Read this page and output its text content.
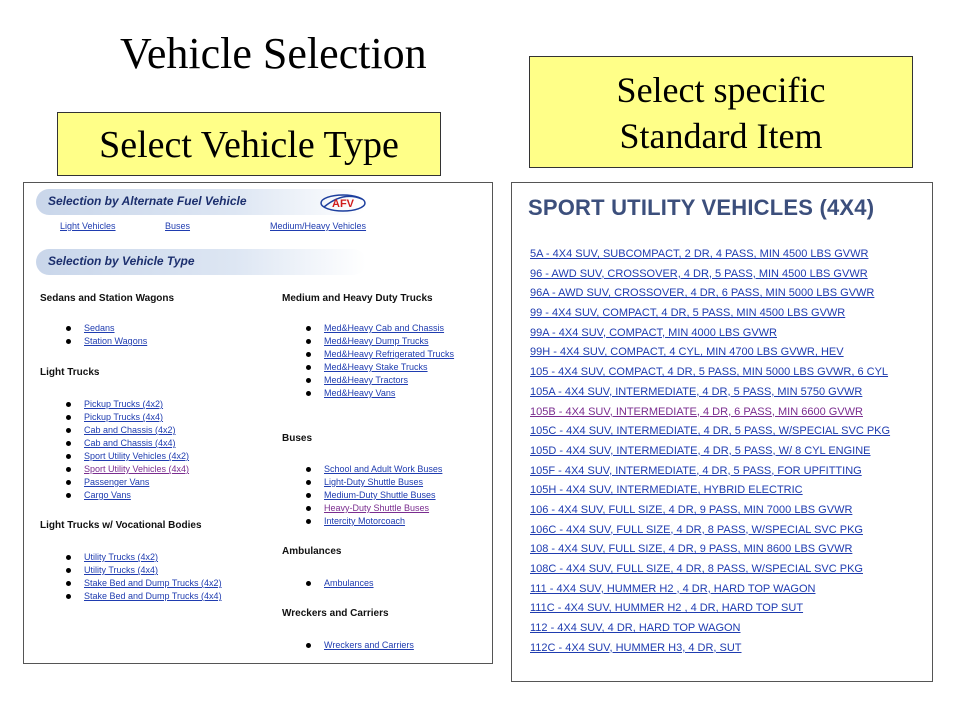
Vehicle Selection
Select Vehicle Type
Select specific
Standard Item
Selection by Alternate Fuel Vehicle	AFV
Light Vehicles	Buses	Medium/Heavy Vehicles
Selection by Vehicle Type
Sedans and Station Wagons
Sedans
Station Wagons
Light Trucks
Pickup Trucks (4x2)
Pickup Trucks (4x4)
Cab and Chassis (4x2)
Cab and Chassis (4x4)
Sport Utility Vehicles (4x2)
Sport Utility Vehicles (4x4)
Passenger Vans
Cargo Vans
Light Trucks w/ Vocational Bodies
Utility Trucks (4x2)
Utility Trucks (4x4)
Stake Bed and Dump Trucks (4x2)
Stake Bed and Dump Trucks (4x4)
Medium and Heavy Duty Trucks
Med&Heavy Cab and Chassis
Med&Heavy Dump Trucks
Med&Heavy Refrigerated Trucks
Med&Heavy Stake Trucks
Med&Heavy Tractors
Med&Heavy Vans
Buses
School and Adult Work Buses
Light-Duty Shuttle Buses
Medium-Duty Shuttle Buses
Heavy-Duty Shuttle Buses
Intercity Motorcoach
Ambulances
Ambulances
Wreckers and Carriers
Wreckers and Carriers
SPORT UTILITY VEHICLES (4X4)
5A - 4X4 SUV, SUBCOMPACT, 2 DR, 4 PASS, MIN 4500 LBS GVWR
96 - AWD SUV, CROSSOVER, 4 DR, 5 PASS, MIN 4500 LBS GVWR
96A - AWD SUV, CROSSOVER, 4 DR, 6 PASS, MIN 5000 LBS GVWR
99 - 4X4 SUV, COMPACT, 4 DR, 5 PASS, MIN 4500 LBS GVWR
99A - 4X4 SUV, COMPACT, MIN 4000 LBS GVWR
99H - 4X4 SUV, COMPACT, 4 CYL, MIN 4700 LBS GVWR, HEV
105 - 4X4 SUV, COMPACT, 4 DR, 5 PASS, MIN 5000 LBS GVWR, 6 CYL
105A - 4X4 SUV, INTERMEDIATE, 4 DR, 5 PASS, MIN 5750 GVWR
105B - 4X4 SUV, INTERMEDIATE, 4 DR, 6 PASS, MIN 6600 GVWR
105C - 4X4 SUV, INTERMEDIATE, 4 DR, 5 PASS, W/SPECIAL SVC PKG
105D - 4X4 SUV, INTERMEDIATE, 4 DR, 5 PASS, W/ 8 CYL ENGINE
105F - 4X4 SUV, INTERMEDIATE, 4 DR, 5 PASS, FOR UPFITTING
105H - 4X4 SUV, INTERMEDIATE, HYBRID ELECTRIC
106 - 4X4 SUV, FULL SIZE, 4 DR, 9 PASS, MIN 7000 LBS GVWR
106C - 4X4 SUV, FULL SIZE, 4 DR, 8 PASS, W/SPECIAL SVC PKG
108 - 4X4 SUV, FULL SIZE, 4 DR, 9 PASS, MIN 8600 LBS GVWR
108C - 4X4 SUV, FULL SIZE, 4 DR, 8 PASS, W/SPECIAL SVC PKG
111 - 4X4 SUV, HUMMER H2 , 4 DR, HARD TOP WAGON
111C - 4X4 SUV, HUMMER H2 , 4 DR, HARD TOP SUT
112 - 4X4 SUV, 4 DR, HARD TOP WAGON
112C - 4X4 SUV, HUMMER H3, 4 DR, SUT
